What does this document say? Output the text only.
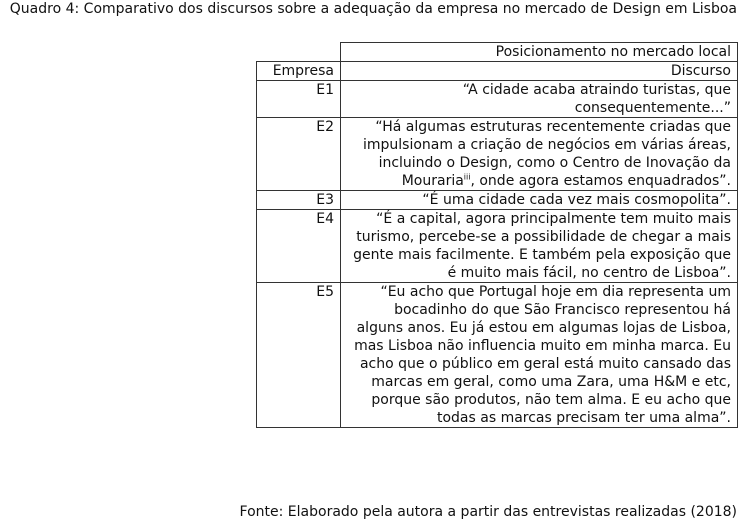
Quadro 4: Comparativo dos discursos sobre a adequação da empresa no mercado de Design em Lisboa
	Posicionamento no mercado local
Empresa	Discurso
E1	“A cidade acaba atraindo turistas, que consequentemente...”
E2	“Há algumas estruturas recentemente criadas que impulsionam a criação de negócios em várias áreas, incluindo o Design, como o Centro de Inovação da Mouraria$^{iii}$, onde agora estamos enquadrados”.
E3	“É uma cidade cada vez mais cosmopolita”.
E4	“É a capital, agora principalmente tem muito mais turismo, percebe-se a possibilidade de chegar a mais gente mais facilmente. E também pela exposição que é muito mais fácil, no centro de Lisboa”.
E5	“Eu acho que Portugal hoje em dia representa um bocadinho do que São Francisco representou há alguns anos. Eu já estou em algumas lojas de Lisboa, mas Lisboa não influencia muito em minha marca. Eu acho que o público em geral está muito cansado das marcas em geral, como uma Zara, uma H&M e etc, porque são produtos, não tem alma. E eu acho que todas as marcas precisam ter uma alma”.
Fonte: Elaborado pela autora a partir das entrevistas realizadas (2018)
